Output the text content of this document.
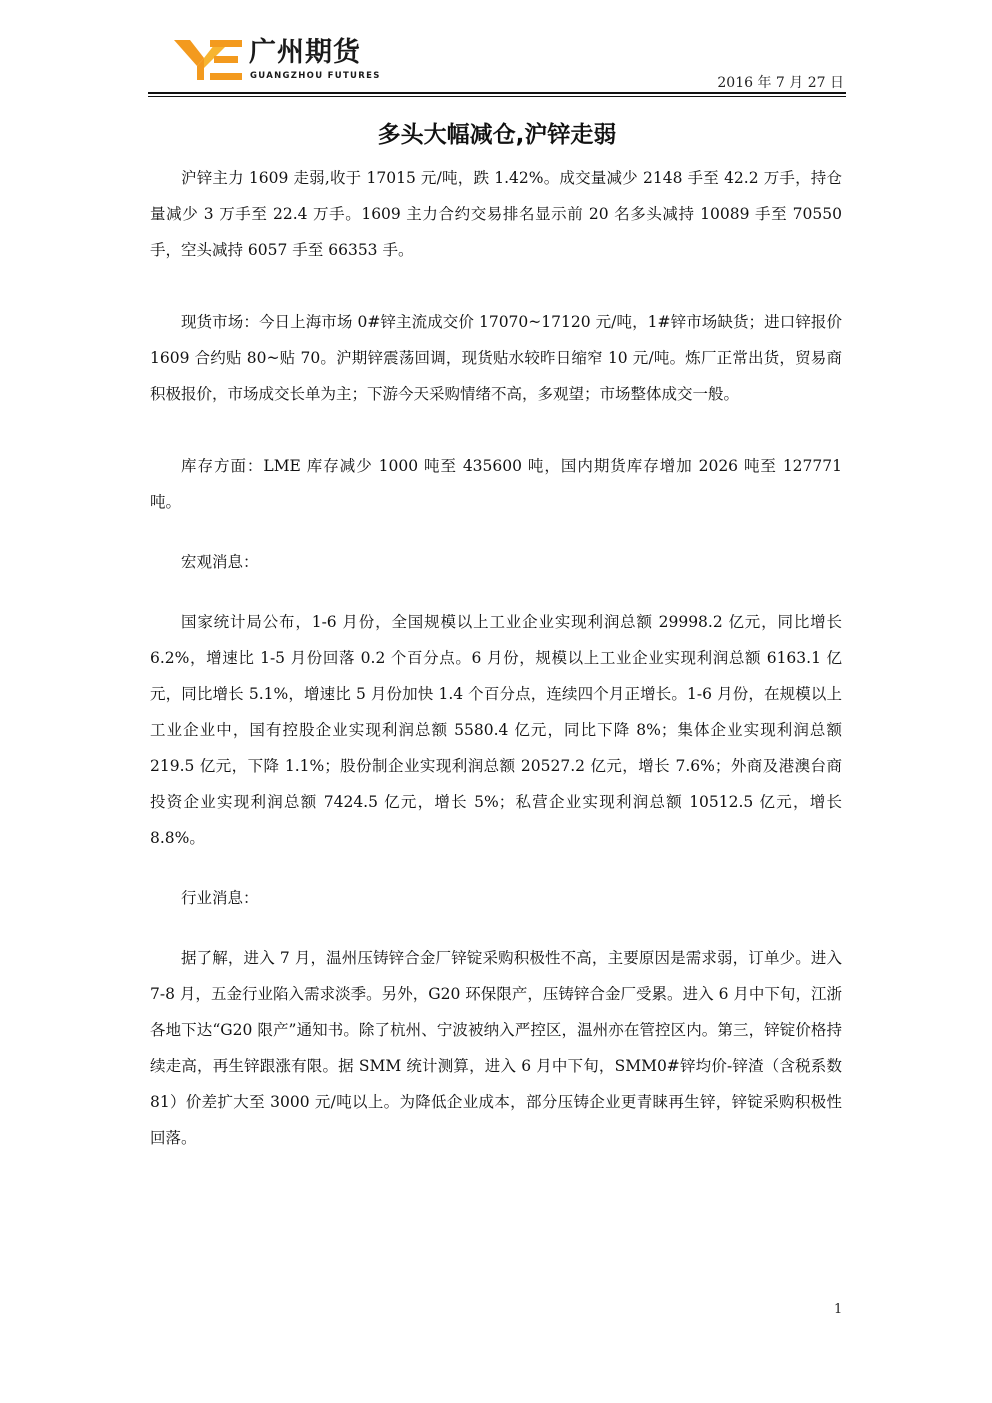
广州期货
GUANGZHOU FUTURES	2016 年 7 月 27 日
多头大幅减仓,沪锌走弱

沪锌主力 1609 走弱,收于 17015 元/吨，跌 1.42%。成交量减少 2148 手至 42.2 万手，持仓量减少 3 万手至 22.4 万手。1609 主力合约交易排名显示前 20 名多头减持 10089 手至 70550 手，空头减持 6057 手至 66353 手。

现货市场：今日上海市场 0#锌主流成交价 17070~17120 元/吨，1#锌市场缺货；进口锌报价 1609 合约贴 80~贴 70。沪期锌震荡回调，现货贴水较昨日缩窄 10 元/吨。炼厂正常出货，贸易商积极报价，市场成交长单为主；下游今天采购情绪不高，多观望；市场整体成交一般。

库存方面：LME 库存减少 1000 吨至 435600 吨，国内期货库存增加 2026 吨至 127771 吨。

宏观消息：

国家统计局公布，1-6 月份，全国规模以上工业企业实现利润总额 29998.2 亿元，同比增长 6.2%，增速比 1-5 月份回落 0.2 个百分点。6 月份，规模以上工业企业实现利润总额 6163.1 亿元，同比增长 5.1%，增速比 5 月份加快 1.4 个百分点，连续四个月正增长。1-6 月份，在规模以上工业企业中，国有控股企业实现利润总额 5580.4 亿元，同比下降 8%；集体企业实现利润总额 219.5 亿元，下降 1.1%；股份制企业实现利润总额 20527.2 亿元，增长 7.6%；外商及港澳台商投资企业实现利润总额 7424.5 亿元，增长 5%；私营企业实现利润总额 10512.5 亿元，增长 8.8%。

行业消息：

据了解，进入 7 月，温州压铸锌合金厂锌锭采购积极性不高，主要原因是需求弱，订单少。进入 7-8 月，五金行业陷入需求淡季。另外，G20 环保限产，压铸锌合金厂受累。进入 6 月中下旬，江浙各地下达“G20 限产”通知书。除了杭州、宁波被纳入严控区，温州亦在管控区内。第三，锌锭价格持续走高，再生锌跟涨有限。据 SMM 统计测算，进入 6 月中下旬，SMM0#锌均价-锌渣（含税系数 81）价差扩大至 3000 元/吨以上。为降低企业成本，部分压铸企业更青睐再生锌，锌锭采购积极性回落。

1
